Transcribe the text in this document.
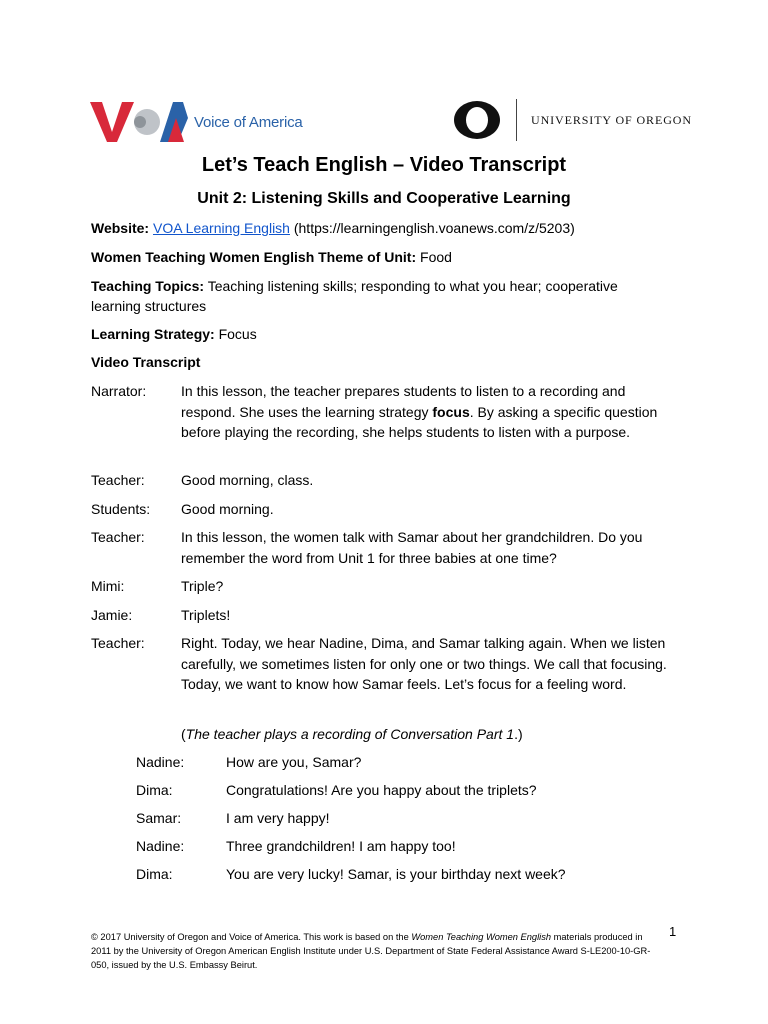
Voice of America	UNIVERSITY OF OREGON
Let’s Teach English – Video Transcript
Unit 2: Listening Skills and Cooperative Learning
Website: VOA Learning English (https://learningenglish.voanews.com/z/5203)
Women Teaching Women English Theme of Unit: Food
Teaching Topics: Teaching listening skills; responding to what you hear; cooperative
learning structures
Learning Strategy: Focus
Video Transcript
Narrator: In this lesson, the teacher prepares students to listen to a recording and respond. She uses the learning strategy focus. By asking a specific question before playing the recording, she helps students to listen with a purpose.
Teacher:	Good morning, class.
Students: Good morning.
Teacher:	In this lesson, the women talk with Samar about her grandchildren. Do you remember the word from Unit 1 for three babies at one time?
Mimi:	Triple?
Jamie:	Triplets!
Teacher:	Right. Today, we hear Nadine, Dima, and Samar talking again. When we listen carefully, we sometimes listen for only one or two things. We call that focusing. Today, we want to know how Samar feels. Let’s focus for a feeling word.
(The teacher plays a recording of Conversation Part 1.)
Nadine:	How are you, Samar?
Dima:	Congratulations! Are you happy about the triplets?
Samar:	I am very happy!
Nadine:	Three grandchildren! I am happy too!
Dima:	You are very lucky! Samar, is your birthday next week?
© 2017 University of Oregon and Voice of America. This work is based on the Women Teaching Women English materials produced in 2011 by the University of Oregon American English Institute under U.S. Department of State Federal Assistance Award S-LE200-10-GR-050, issued by the U.S. Embassy Beirut.
1
